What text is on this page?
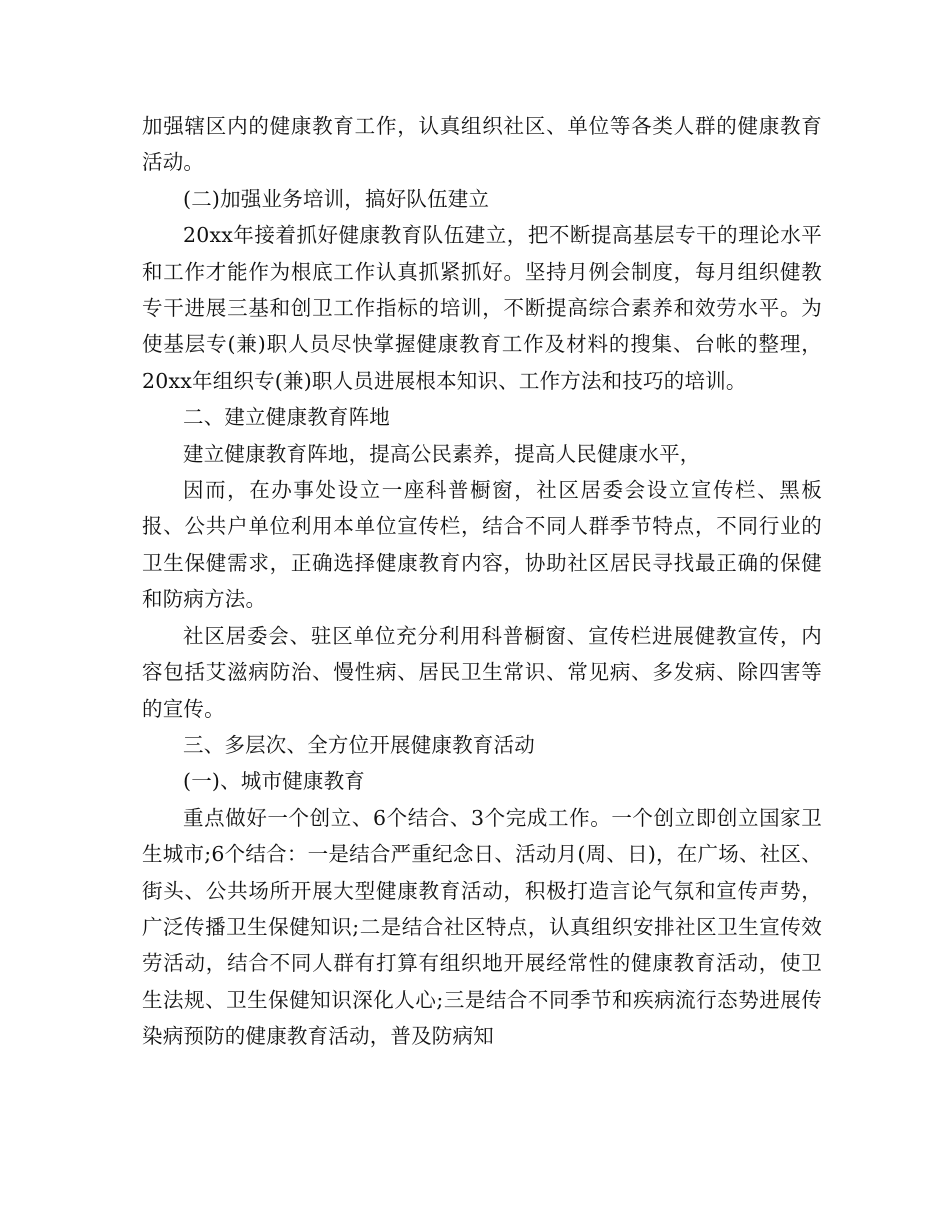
加强辖区内的健康教育工作，认真组织社区、单位等各类人群的健康教育活动。

(二)加强业务培训，搞好队伍建立

20xx年接着抓好健康教育队伍建立，把不断提高基层专干的理论水平和工作才能作为根底工作认真抓紧抓好。坚持月例会制度，每月组织健教专干进展三基和创卫工作指标的培训，不断提高综合素养和效劳水平。为使基层专(兼)职人员尽快掌握健康教育工作及材料的搜集、台帐的整理，20xx年组织专(兼)职人员进展根本知识、工作方法和技巧的培训。

二、建立健康教育阵地

建立健康教育阵地，提高公民素养，提高人民健康水平，

因而，在办事处设立一座科普橱窗，社区居委会设立宣传栏、黑板报、公共户单位利用本单位宣传栏，结合不同人群季节特点，不同行业的卫生保健需求，正确选择健康教育内容，协助社区居民寻找最正确的保健和防病方法。

社区居委会、驻区单位充分利用科普橱窗、宣传栏进展健教宣传，内容包括艾滋病防治、慢性病、居民卫生常识、常见病、多发病、除四害等的宣传。

三、多层次、全方位开展健康教育活动

(一)、城市健康教育

重点做好一个创立、6个结合、3个完成工作。一个创立即创立国家卫生城市;6个结合：一是结合严重纪念日、活动月(周、日)，在广场、社区、街头、公共场所开展大型健康教育活动，积极打造言论气氛和宣传声势，广泛传播卫生保健知识;二是结合社区特点，认真组织安排社区卫生宣传效劳活动，结合不同人群有打算有组织地开展经常性的健康教育活动，使卫生法规、卫生保健知识深化人心;三是结合不同季节和疾病流行态势进展传染病预防的健康教育活动，普及防病知
